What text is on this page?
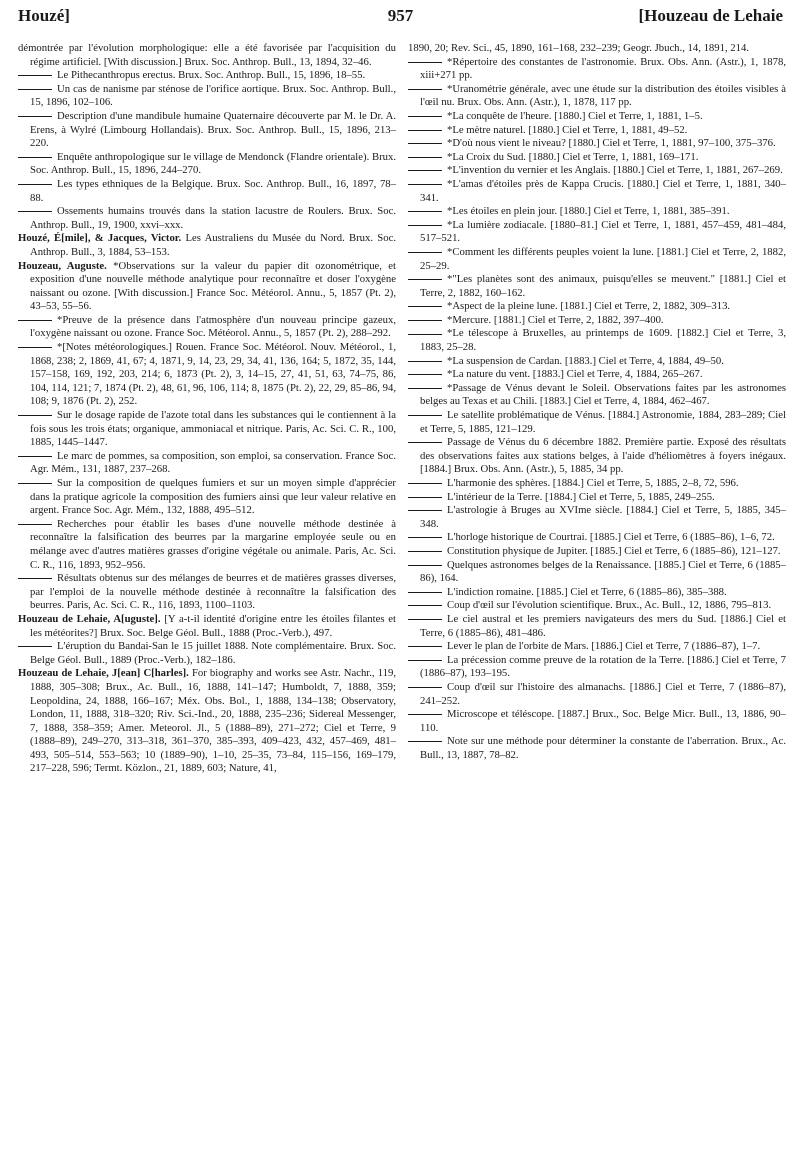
Houzé]	957	[Houzeau de Lehaie

démontrée par l'évolution morphologique: elle a été favorisée par l'acquisition du régime artificiel. [With discussion.] Brux. Soc. Anthrop. Bull., 13, 1894, 32–46.

Le Pithecanthropus erectus. Brux. Soc. Anthrop. Bull., 15, 1896, 18–55.

Un cas de nanisme par sténose de l'orifice aortique. Brux. Soc. Anthrop. Bull., 15, 1896, 102–106.

Description d'une mandibule humaine Quaternaire découverte par M. le Dr. A. Erens, à Wylré (Limbourg Hollandais). Brux. Soc. Anthrop. Bull., 15, 1896, 213–220.

Enquête anthropologique sur le village de Mendonck (Flandre orientale). Brux. Soc. Anthrop. Bull., 15, 1896, 244–270.

Les types ethniques de la Belgique. Brux. Soc. Anthrop. Bull., 16, 1897, 78–88.

Ossements humains trouvés dans la station lacustre de Roulers. Brux. Soc. Anthrop. Bull., 19, 1900, xxvi–xxx.

Houzé, É[mile], & Jacques, Victor. Les Australiens du Musée du Nord. Brux. Soc. Anthrop. Bull., 3, 1884, 53–153.

Houzeau, Auguste. *Observations sur la valeur du papier dit ozonométrique, et exposition d'une nouvelle méthode analytique pour reconnaître et doser l'oxygène naissant ou ozone. [With discussion.] France Soc. Météorol. Annu., 5, 1857 (Pt. 2), 43–53, 55–56.

*Preuve de la présence dans l'atmosphère d'un nouveau principe gazeux, l'oxygène naissant ou ozone. France Soc. Météorol. Annu., 5, 1857 (Pt. 2), 288–292.

*[Notes météorologiques.] Rouen. France Soc. Météorol. Nouv. Météorol., 1, 1868, 238; 2, 1869, 41, 67; 4, 1871, 9, 14, 23, 29, 34, 41, 136, 164; 5, 1872, 35, 144, 157–158, 169, 192, 203, 214; 6, 1873 (Pt. 2), 3, 14–15, 27, 41, 51, 63, 74–75, 86, 104, 114, 121; 7, 1874 (Pt. 2), 48, 61, 96, 106, 114; 8, 1875 (Pt. 2), 22, 29, 85–86, 94, 108; 9, 1876 (Pt. 2), 252.

Sur le dosage rapide de l'azote total dans les substances qui le contiennent à la fois sous les trois états; organique, ammoniacal et nitrique. Paris, Ac. Sci. C. R., 100, 1885, 1445–1447.

Le marc de pommes, sa composition, son emploi, sa conservation. France Soc. Agr. Mém., 131, 1887, 237–268.

Sur la composition de quelques fumiers et sur un moyen simple d'apprécier dans la pratique agricole la composition des fumiers ainsi que leur valeur relative en argent. France Soc. Agr. Mém., 132, 1888, 495–512.

Recherches pour établir les bases d'une nouvelle méthode destinée à reconnaître la falsification des beurres par la margarine employée seule ou en mélange avec d'autres matières grasses d'origine végétale ou animale. Paris, Ac. Sci. C. R., 116, 1893, 952–956.

Résultats obtenus sur des mélanges de beurres et de matières grasses diverses, par l'emploi de la nouvelle méthode destinée à reconnaître la falsification des beurres. Paris, Ac. Sci. C. R., 116, 1893, 1100–1103.

Houzeau de Lehaie, A[uguste]. [Y a-t-il identité d'origine entre les étoiles filantes et les météorites?] Brux. Soc. Belge Géol. Bull., 1888 (Proc.-Verb.), 497.

L'éruption du Bandai-San le 15 juillet 1888. Note complémentaire. Brux. Soc. Belge Géol. Bull., 1889 (Proc.-Verb.), 182–186.

Houzeau de Lehaie, J[ean] C[harles]. For biography and works see Astr. Nachr., 119, 1888, 305–308; Brux., Ac. Bull., 16, 1888, 141–147; Humboldt, 7, 1888, 359; Leopoldina, 24, 1888, 166–167; Méx. Obs. Bol., 1, 1888, 134–138; Observatory, London, 11, 1888, 318–320; Riv. Sci.-Ind., 20, 1888, 235–236; Sidereal Messenger, 7, 1888, 358–359; Amer. Meteorol. Jl., 5 (1888–89), 271–272; Ciel et Terre, 9 (1888–89), 249–270, 313–318, 361–370, 385–393, 409–423, 432, 457–469, 481–493, 505–514, 553–563; 10 (1889–90), 1–10, 25–35, 73–84, 115–156, 169–179, 217–228, 596; Termt. Közlon., 21, 1889, 603; Nature, 41,

1890, 20; Rev. Sci., 45, 1890, 161–168, 232–239; Geogr. Jbuch., 14, 1891, 214.

*Répertoire des constantes de l'astronomie. Brux. Obs. Ann. (Astr.), 1, 1878, xiii+271 pp.

*Uranométrie générale, avec une étude sur la distribution des étoiles visibles à l'œil nu. Brux. Obs. Ann. (Astr.), 1, 1878, 117 pp.

*La conquête de l'heure. [1880.] Ciel et Terre, 1, 1881, 1–5.

*Le mètre naturel. [1880.] Ciel et Terre, 1, 1881, 49–52.

*D'où nous vient le niveau? [1880.] Ciel et Terre, 1, 1881, 97–100, 375–376.

*La Croix du Sud. [1880.] Ciel et Terre, 1, 1881, 169–171.

*L'invention du vernier et les Anglais. [1880.] Ciel et Terre, 1, 1881, 267–269.

*L'amas d'étoiles près de Kappa Crucis. [1880.] Ciel et Terre, 1, 1881, 340–341.

*Les étoiles en plein jour. [1880.] Ciel et Terre, 1, 1881, 385–391.

*La lumière zodiacale. [1880–81.] Ciel et Terre, 1, 1881, 457–459, 481–484, 517–521.

*Comment les différents peuples voient la lune. [1881.] Ciel et Terre, 2, 1882, 25–29.

*"Les planètes sont des animaux, puisqu'elles se meuvent." [1881.] Ciel et Terre, 2, 1882, 160–162.

*Aspect de la pleine lune. [1881.] Ciel et Terre, 2, 1882, 309–313.

*Mercure. [1881.] Ciel et Terre, 2, 1882, 397–400.

*Le télescope à Bruxelles, au printemps de 1609. [1882.] Ciel et Terre, 3, 1883, 25–28.

*La suspension de Cardan. [1883.] Ciel et Terre, 4, 1884, 49–50.

*La nature du vent. [1883.] Ciel et Terre, 4, 1884, 265–267.

*Passage de Vénus devant le Soleil. Observations faites par les astronomes belges au Texas et au Chili. [1883.] Ciel et Terre, 4, 1884, 462–467.

Le satellite problématique de Vénus. [1884.] Astronomie, 1884, 283–289; Ciel et Terre, 5, 1885, 121–129.

Passage de Vénus du 6 décembre 1882. Première partie. Exposé des résultats des observations faites aux stations belges, à l'aide d'héliomètres à foyers inégaux. [1884.] Brux. Obs. Ann. (Astr.), 5, 1885, 34 pp.

L'harmonie des sphères. [1884.] Ciel et Terre, 5, 1885, 2–8, 72, 596.

L'intérieur de la Terre. [1884.] Ciel et Terre, 5, 1885, 249–255.

L'astrologie à Bruges au XVIme siècle. [1884.] Ciel et Terre, 5, 1885, 345–348.

L'horloge historique de Courtrai. [1885.] Ciel et Terre, 6 (1885–86), 1–6, 72.

Constitution physique de Jupiter. [1885.] Ciel et Terre, 6 (1885–86), 121–127.

Quelques astronomes belges de la Renaissance. [1885.] Ciel et Terre, 6 (1885–86), 164.

L'indiction romaine. [1885.] Ciel et Terre, 6 (1885–86), 385–388.

Coup d'œil sur l'évolution scientifique. Brux., Ac. Bull., 12, 1886, 795–813.

Le ciel austral et les premiers navigateurs des mers du Sud. [1886.] Ciel et Terre, 6 (1885–86), 481–486.

Lever le plan de l'orbite de Mars. [1886.] Ciel et Terre, 7 (1886–87), 1–7.

La précession comme preuve de la rotation de la Terre. [1886.] Ciel et Terre, 7 (1886–87), 193–195.

Coup d'œil sur l'histoire des almanachs. [1886.] Ciel et Terre, 7 (1886–87), 241–252.

Microscope et téléscope. [1887.] Brux., Soc. Belge Micr. Bull., 13, 1886, 90–110.

Note sur une méthode pour déterminer la constante de l'aberration. Brux., Ac. Bull., 13, 1887, 78–82.
